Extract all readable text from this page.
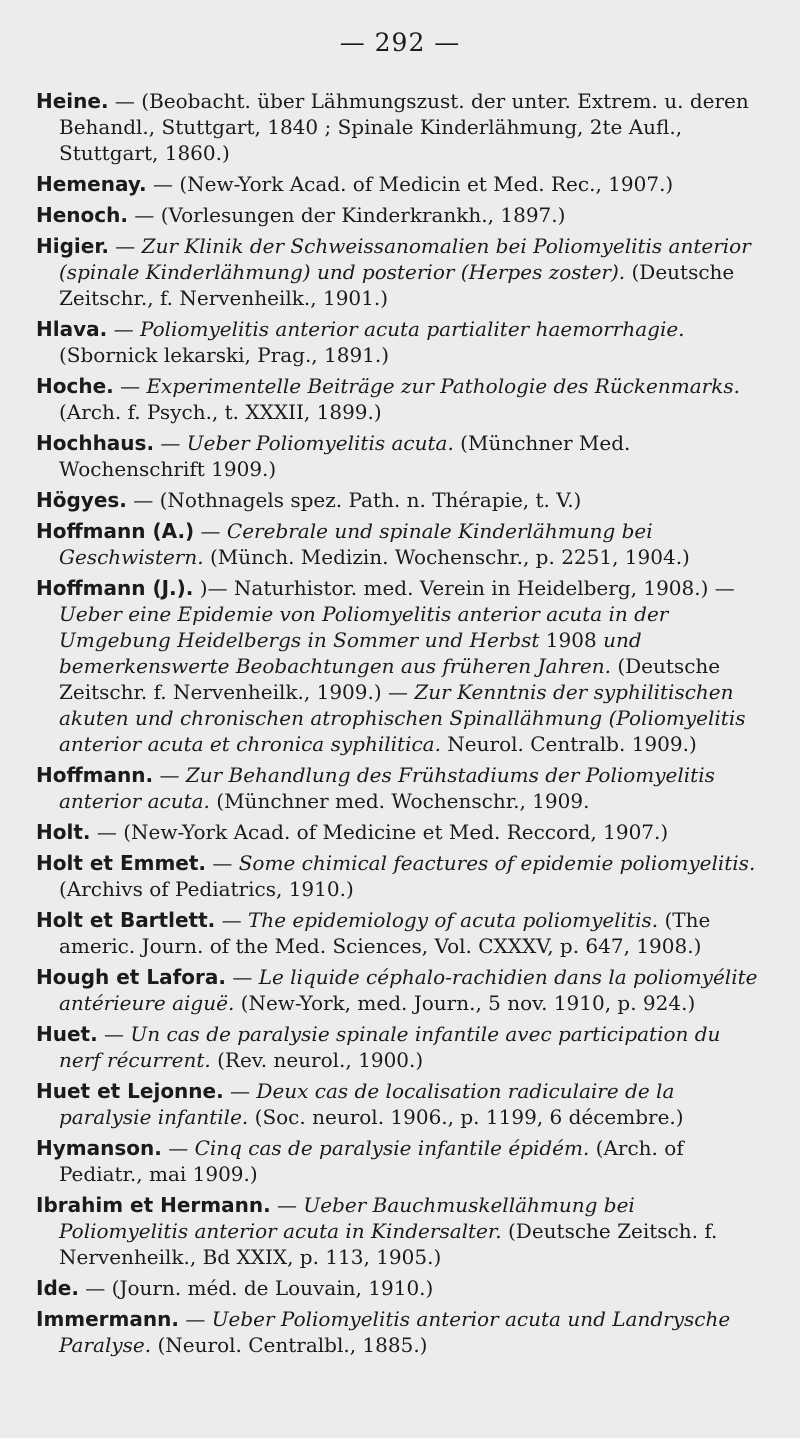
— 292 —
Heine. — (Beobacht. über Lähmungszust. der unter. Extrem. u. deren Behandl., Stuttgart, 1840 ; Spinale Kinderlähmung, 2te Aufl., Stuttgart, 1860.)
Hemenay. — (New-York Acad. of Medicin et Med. Rec., 1907.)
Henoch. — (Vorlesungen der Kinderkrankh., 1897.)
Higier. — Zur Klinik der Schweissanomalien bei Poliomyelitis anterior (spinale Kinderlähmung) und posterior (Herpes zoster). (Deutsche Zeitschr., f. Nervenheilk., 1901.)
Hlava. — Poliomyelitis anterior acuta partialiter haemorrhagie. (Sbornick lekarski, Prag., 1891.)
Hoche. — Experimentelle Beiträge zur Pathologie des Rückenmarks. (Arch. f. Psych., t. XXXII, 1899.)
Hochhaus. — Ueber Poliomyelitis acuta. (Münchner Med. Wochenschrift 1909.)
Högyes. — (Nothnagels spez. Path. n. Thérapie, t. V.)
Hoffmann (A.) — Cerebrale und spinale Kinderlähmung bei Geschwistern. (Münch. Medizin. Wochenschr., p. 2251, 1904.)
Hoffmann (J.). )— Naturhistor. med. Verein in Heidelberg, 1908.) — Ueber eine Epidemie von Poliomyelitis anterior acuta in der Umgebung Heidelbergs in Sommer und Herbst 1908 und bemerkenswerte Beobachtungen aus früheren Jahren. (Deutsche Zeitschr. f. Nervenheilk., 1909.) — Zur Kenntnis der syphilitischen akuten und chronischen atrophischen Spinallähmung (Poliomyelitis anterior acuta et chronica syphilitica. Neurol. Centralb. 1909.)
Hoffmann. — Zur Behandlung des Frühstadiums der Poliomyelitis anterior acuta. (Münchner med. Wochenschr., 1909.
Holt. — (New-York Acad. of Medicine et Med. Reccord, 1907.)
Holt et Emmet. — Some chimical feactures of epidemie poliomyelitis. (Archivs of Pediatrics, 1910.)
Holt et Bartlett. — The epidemiology of acuta poliomyelitis. (The americ. Journ. of the Med. Sciences, Vol. CXXXV, p. 647, 1908.)
Hough et Lafora. — Le liquide céphalo-rachidien dans la poliomyélite antérieure aiguë. (New-York, med. Journ., 5 nov. 1910, p. 924.)
Huet. — Un cas de paralysie spinale infantile avec participation du nerf récurrent. (Rev. neurol., 1900.)
Huet et Lejonne. — Deux cas de localisation radiculaire de la paralysie infantile. (Soc. neurol. 1906., p. 1199, 6 décembre.)
Hymanson. — Cinq cas de paralysie infantile épidém. (Arch. of Pediatr., mai 1909.)
Ibrahim et Hermann. — Ueber Bauchmuskellähmung bei Poliomyelitis anterior acuta in Kindersalter. (Deutsche Zeitsch. f. Nervenheilk., Bd XXIX, p. 113, 1905.)
Ide. — (Journ. méd. de Louvain, 1910.)
Immermann. — Ueber Poliomyelitis anterior acuta und Landrysche Paralyse. (Neurol. Centralbl., 1885.)
